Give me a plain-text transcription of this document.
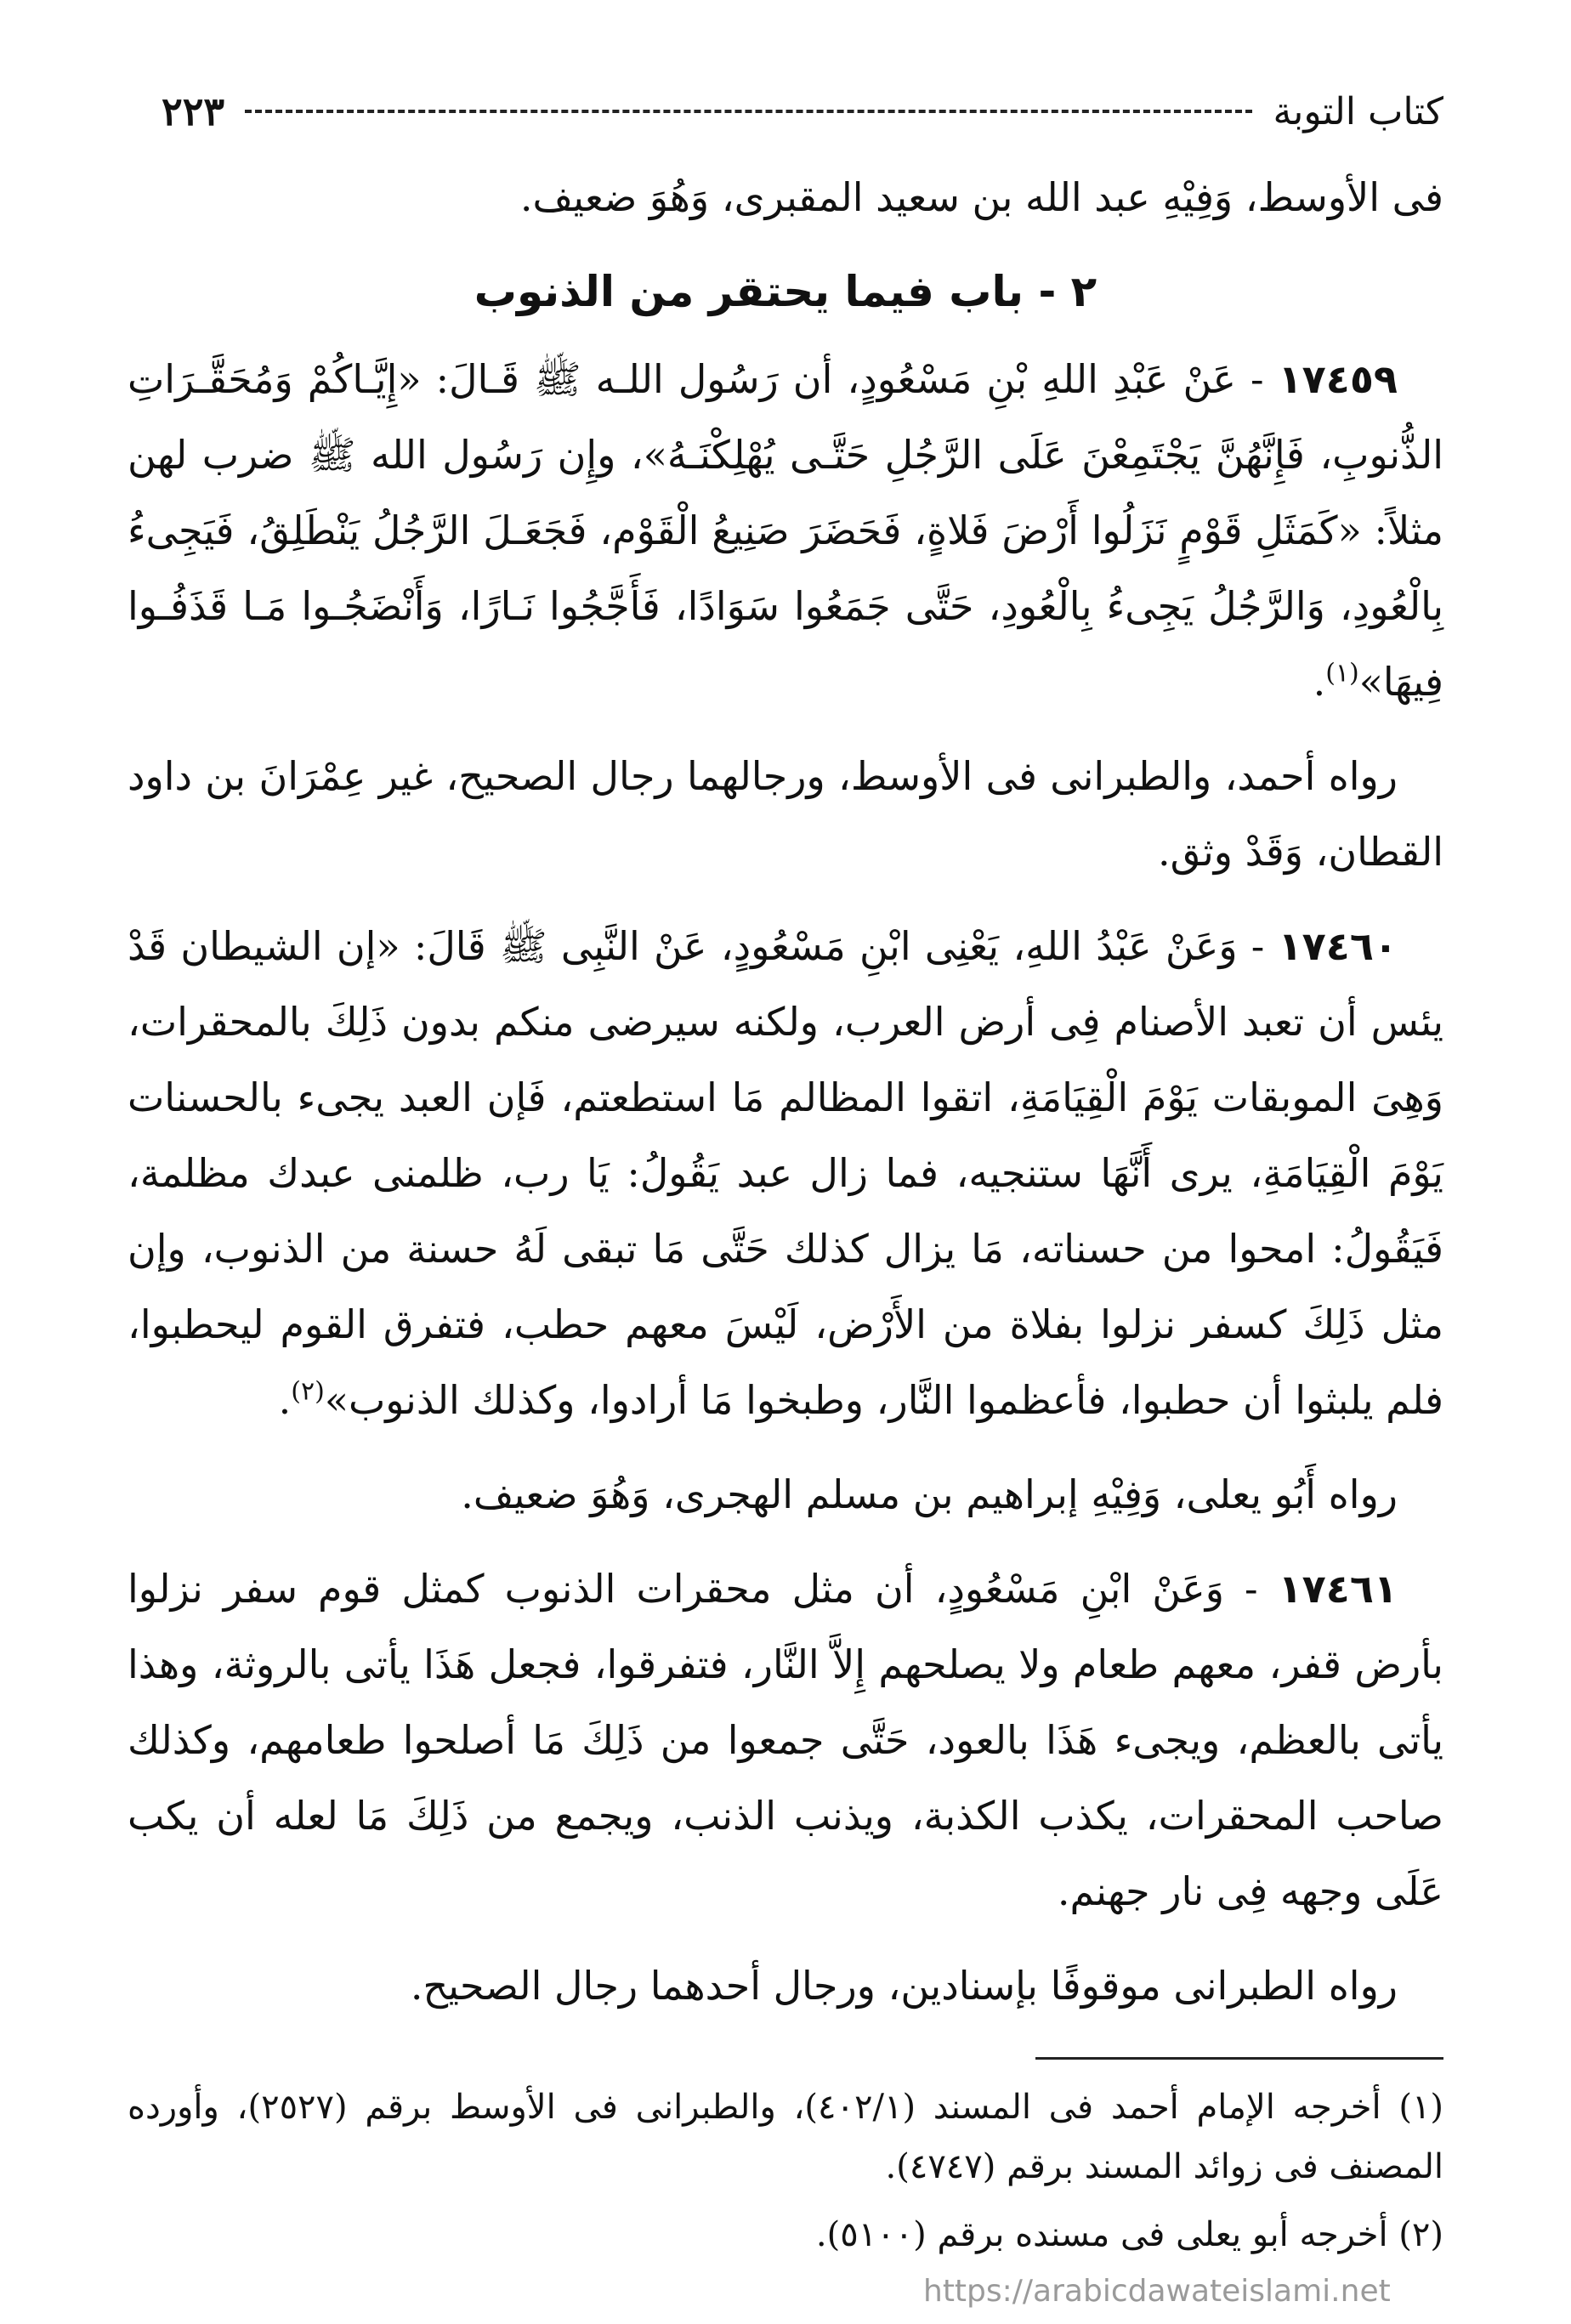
كتاب التوبة
٢٢٣

فى الأوسط، وَفِيْهِ عبد الله بن سعيد المقبرى، وَهُوَ ضعيف.

٢ - باب فيما يحتقر من الذنوب

١٧٤٥٩ - عَنْ عَبْدِ اللهِ بْنِ مَسْعُودٍ، أن رَسُول اللـه ﷺ قَـالَ: «إِيَّـاكُمْ وَمُحَقَّـرَاتِ الذُّنوبِ، فَإِنَّهُنَّ يَجْتَمِعْنَ عَلَى الرَّجُلِ حَتَّـى يُهْلِكْنَـهُ»، وإِن رَسُول الله ﷺ ضرب لهن مثلاً: «كَمَثَلِ قَوْمٍ نَزَلُوا أَرْضَ فَلاةٍ، فَحَضَرَ صَنِيعُ الْقَوْم، فَجَعَـلَ الرَّجُلُ يَنْطَلِقُ، فَيَجِىءُ بِالْعُودِ، وَالرَّجُلُ يَجِىءُ بِالْعُودِ، حَتَّى جَمَعُوا سَوَادًا، فَأَجَّجُوا نَـارًا، وَأَنْضَجُـوا مَـا قَذَفُـوا فِيهَا»$^{(١)}$.

رواه أحمد، والطبرانى فى الأوسط، ورجالهما رجال الصحيح، غير عِمْرَانَ بن داود القطان، وَقَدْ وثق.

١٧٤٦٠ - وَعَنْ عَبْدُ اللهِ، يَعْنِى ابْنِ مَسْعُودٍ، عَنْ النَّبِى ﷺ قَالَ: «إن الشيطان قَدْ يئس أن تعبد الأصنام فِى أرض العرب، ولكنه سيرضى منكم بدون ذَلِكَ بالمحقرات، وَهِىَ الموبقات يَوْمَ الْقِيَامَةِ، اتقوا المظالم مَا استطعتم، فَإن العبد يجىء بالحسنات يَوْمَ الْقِيَامَةِ، يرى أَنَّهَا ستنجيه، فما زال عبد يَقُولُ: يَا رب، ظلمنى عبدك مظلمة، فَيَقُولُ: امحوا من حسناته، مَا يزال كذلك حَتَّى مَا تبقى لَهُ حسنة من الذنوب، وإن مثل ذَلِكَ كسفر نزلوا بفلاة من الأَرْض، لَيْسَ معهم حطب، فتفرق القوم ليحطبوا، فلم يلبثوا أن حطبوا، فأعظموا النَّار، وطبخوا مَا أرادوا، وكذلك الذنوب»$^{(٢)}$.

رواه أَبُو يعلى، وَفِيْهِ إبراهيم بن مسلم الهجرى، وَهُوَ ضعيف.

١٧٤٦١ - وَعَنْ ابْنِ مَسْعُودٍ، أن مثل محقرات الذنوب كمثل قوم سفر نزلوا بأرض قفر، معهم طعام ولا يصلحهم إِلاَّ النَّار، فتفرقوا، فجعل هَذَا يأتى بالروثة، وهذا يأتى بالعظم، ويجىء هَذَا بالعود، حَتَّى جمعوا من ذَلِكَ مَا أصلحوا طعامهم، وكذلك صاحب المحقرات، يكذب الكذبة، ويذنب الذنب، ويجمع من ذَلِكَ مَا لعله أن يكب عَلَى وجهه فِى نار جهنم.

رواه الطبرانى موقوفًا بإسنادين، ورجال أحدهما رجال الصحيح.

(١) أخرجه الإمام أحمد فى المسند (٤٠٢/١)، والطبرانى فى الأوسط برقم (٢٥٢٧)، وأورده المصنف فى زوائد المسند برقم (٤٧٤٧).

(٢) أخرجه أبو يعلى فى مسنده برقم (٥١٠٠).

https://arabicdawateislami.net
